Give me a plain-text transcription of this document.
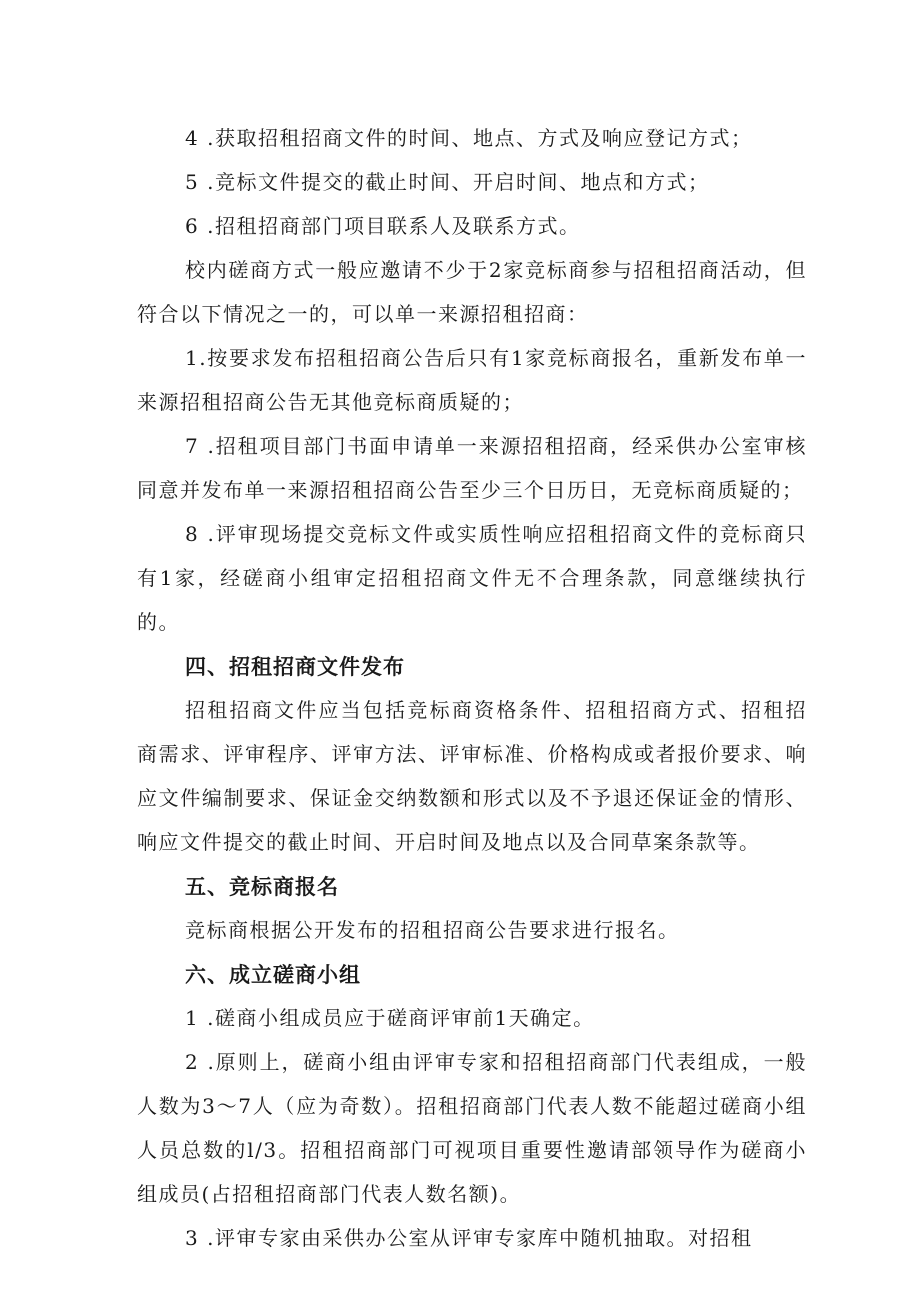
4 .获取招租招商文件的时间、地点、方式及响应登记方式；

5 .竞标文件提交的截止时间、开启时间、地点和方式；

6 .招租招商部门项目联系人及联系方式。

校内磋商方式一般应邀请不少于2家竞标商参与招租招商活动，但符合以下情况之一的，可以单一来源招租招商：

1.按要求发布招租招商公告后只有1家竞标商报名，重新发布单一来源招租招商公告无其他竞标商质疑的；

7 .招租项目部门书面申请单一来源招租招商，经采供办公室审核同意并发布单一来源招租招商公告至少三个日历日，无竞标商质疑的；

8 .评审现场提交竞标文件或实质性响应招租招商文件的竞标商只有1家，经磋商小组审定招租招商文件无不合理条款，同意继续执行的。

四、招租招商文件发布

招租招商文件应当包括竞标商资格条件、招租招商方式、招租招商需求、评审程序、评审方法、评审标准、价格构成或者报价要求、响应文件编制要求、保证金交纳数额和形式以及不予退还保证金的情形、响应文件提交的截止时间、开启时间及地点以及合同草案条款等。

五、竞标商报名

竞标商根据公开发布的招租招商公告要求进行报名。

六、成立磋商小组

1 .磋商小组成员应于磋商评审前1天确定。

2 .原则上，磋商小组由评审专家和招租招商部门代表组成，一般人数为3～7人（应为奇数）。招租招商部门代表人数不能超过磋商小组人员总数的l/3。招租招商部门可视项目重要性邀请部领导作为磋商小组成员(占招租招商部门代表人数名额)。

3 .评审专家由采供办公室从评审专家库中随机抽取。对招租
